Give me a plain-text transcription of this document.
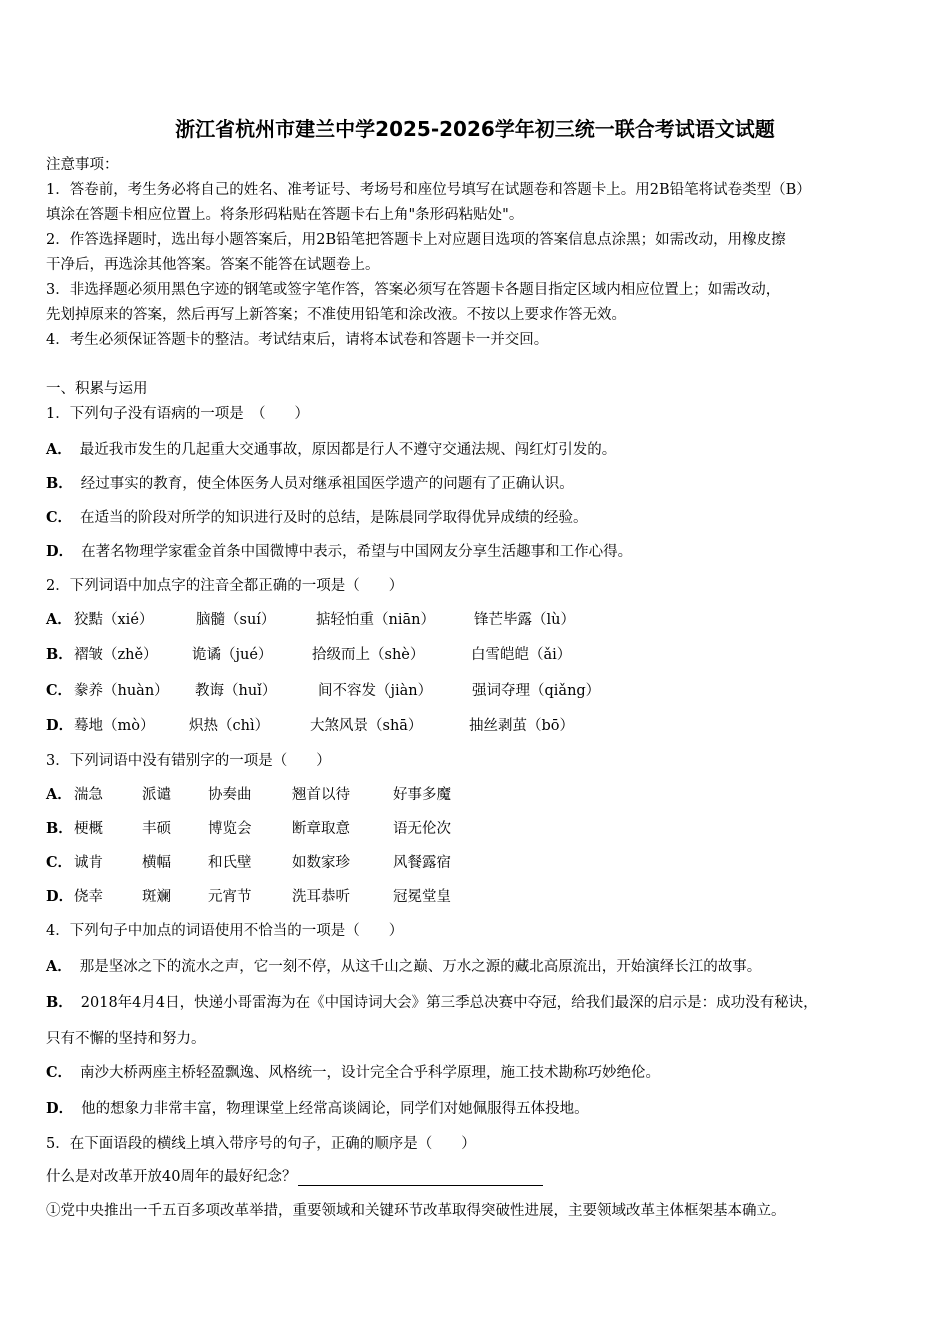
浙江省杭州市建兰中学2025-2026学年初三统一联合考试语文试题
注意事项：
1．答卷前，考生务必将自己的姓名、准考证号、考场号和座位号填写在试题卷和答题卡上。用2B铅笔将试卷类型（B）
填涂在答题卡相应位置上。将条形码粘贴在答题卡右上角"条形码粘贴处"。
2．作答选择题时，选出每小题答案后，用2B铅笔把答题卡上对应题目选项的答案信息点涂黑；如需改动，用橡皮擦
干净后，再选涂其他答案。答案不能答在试题卷上。
3．非选择题必须用黑色字迹的钢笔或签字笔作答，答案必须写在答题卡各题目指定区域内相应位置上；如需改动，
先划掉原来的答案，然后再写上新答案；不准使用铅笔和涂改液。不按以上要求作答无效。
4．考生必须保证答题卡的整洁。考试结束后，请将本试卷和答题卡一并交回。
一、积累与运用
1．下列句子没有语病的一项是　（　　）
A． 最近我市发生的几起重大交通事故，原因都是行人不遵守交通法规、闯红灯引发的。
B． 经过事实的教育，使全体医务人员对继承祖国医学遗产的问题有了正确认识。
C． 在适当的阶段对所学的知识进行及时的总结，是陈晨同学取得优异成绩的经验。
D． 在著名物理学家霍金首条中国微博中表示，希望与中国网友分享生活趣事和工作心得。
2．下列词语中加点字的注音全都正确的一项是（　　）
A． 狡黠（xié）	脑髓（suí）	掂轻怕重（niān）	锋芒毕露（lù）
B． 褶皱（zhě） 诡谲（jué）	拾级而上（shè）	白雪皑皑（ǎi）
C． 豢养（huàn） 教诲（huǐ）	间不容发（jiàn）	强词夺理（qiǎng）
D． 蓦地（mò） 炽热（chì）	大煞风景（shā）	抽丝剥茧（bō）
3．下列词语中没有错别字的一项是（　　）
A． 湍急	派谴	协奏曲	翘首以待	好事多魔
B． 梗概	丰硕	博览会	断章取意	语无伦次
C． 诚肯	横幅	和氏壁	如数家珍	风餐露宿
D． 侥幸	斑斓	元宵节	洗耳恭听	冠冕堂皇
4．下列句子中加点的词语使用不恰当的一项是（　　）
A． 那是坚冰之下的流水之声，它一刻不停，从这千山之巅、万水之源的藏北高原流出，开始演绎长江的故事。
B． 2018年4月4日，快递小哥雷海为在《中国诗词大会》第三季总决赛中夺冠，给我们最深的启示是：成功没有秘诀，
只有不懈的坚持和努力。
C． 南沙大桥两座主桥轻盈飘逸、风格统一，设计完全合乎科学原理，施工技术勘称巧妙绝伦。
D． 他的想象力非常丰富，物理课堂上经常高谈阔论，同学们对她佩服得五体投地。
5．在下面语段的横线上填入带序号的句子，正确的顺序是（　　）
什么是对改革开放40周年的最好纪念？
①党中央推出一千五百多项改革举措，重要领域和关键环节改革取得突破性进展，主要领域改革主体框架基本确立。
